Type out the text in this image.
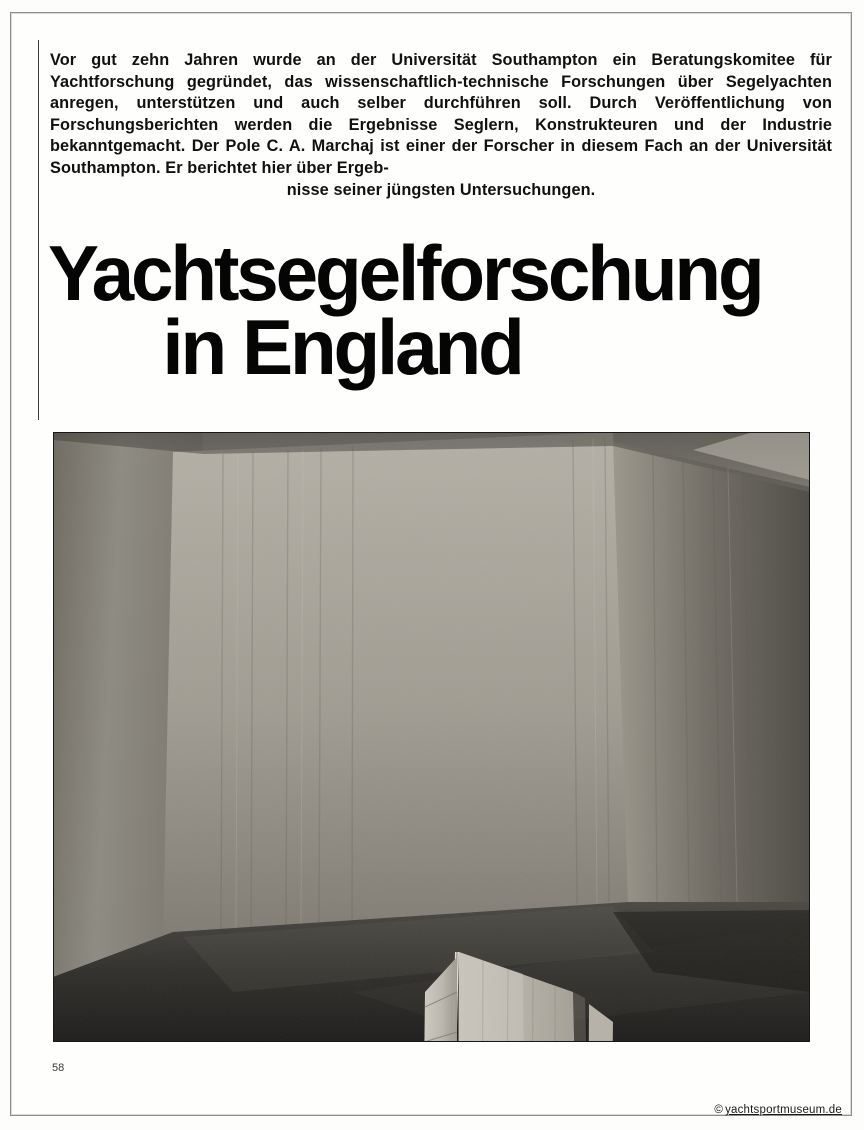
Vor gut zehn Jahren wurde an der Universität Southampton ein Beratungskomitee für Yachtforschung gegründet, das wissenschaftlich-technische Forschungen über Segelyachten anregen, unterstützen und auch selber durchführen soll. Durch Veröffentlichung von Forschungsberichten werden die Ergebnisse Seglern, Konstrukteuren und der Industrie bekanntgemacht. Der Pole C. A. Marchaj ist einer der Forscher in diesem Fach an der Universität Southampton. Er berichtet hier über Ergeb-
nisse seiner jüngsten Untersuchungen.
Yachtsegelforschung
in England
58
© yachtsportmuseum.de
